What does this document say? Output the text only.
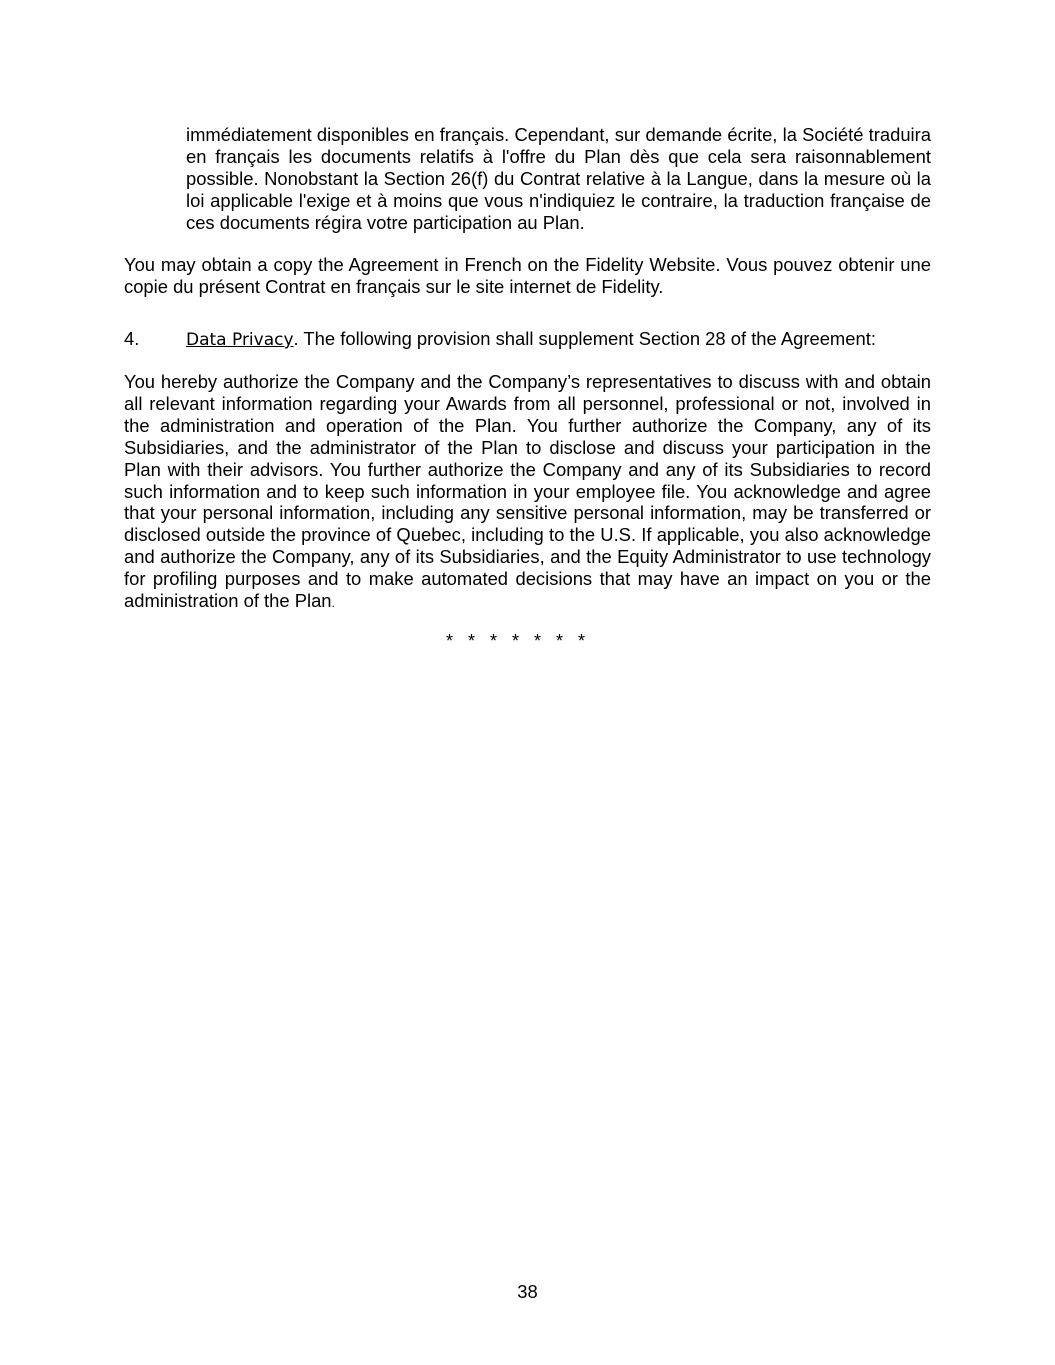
immédiatement disponibles en français. Cependant, sur demande écrite, la Société traduira en français les documents relatifs à l'offre du Plan dès que cela sera raisonnablement possible. Nonobstant la Section 26(f) du Contrat relative à la Langue, dans la mesure où la loi applicable l'exige et à moins que vous n'indiquiez le contraire, la traduction française de ces documents régira votre participation au Plan.

You may obtain a copy the Agreement in French on the Fidelity Website. Vous pouvez obtenir une copie du présent Contrat en français sur le site internet de Fidelity.

4.	Data Privacy. The following provision shall supplement Section 28 of the Agreement:

You hereby authorize the Company and the Company’s representatives to discuss with and obtain all relevant information regarding your Awards from all personnel, professional or not, involved in the administration and operation of the Plan. You further authorize the Company, any of its Subsidiaries, and the administrator of the Plan to disclose and discuss your participation in the Plan with their advisors. You further authorize the Company and any of its Subsidiaries to record such information and to keep such information in your employee file. You acknowledge and agree that your personal information, including any sensitive personal information, may be transferred or disclosed outside the province of Quebec, including to the U.S. If applicable, you also acknowledge and authorize the Company, any of its Subsidiaries, and the Equity Administrator to use technology for profiling purposes and to make automated decisions that may have an impact on you or the administration of the Plan.

*   *   *   *   *   *   *

38
